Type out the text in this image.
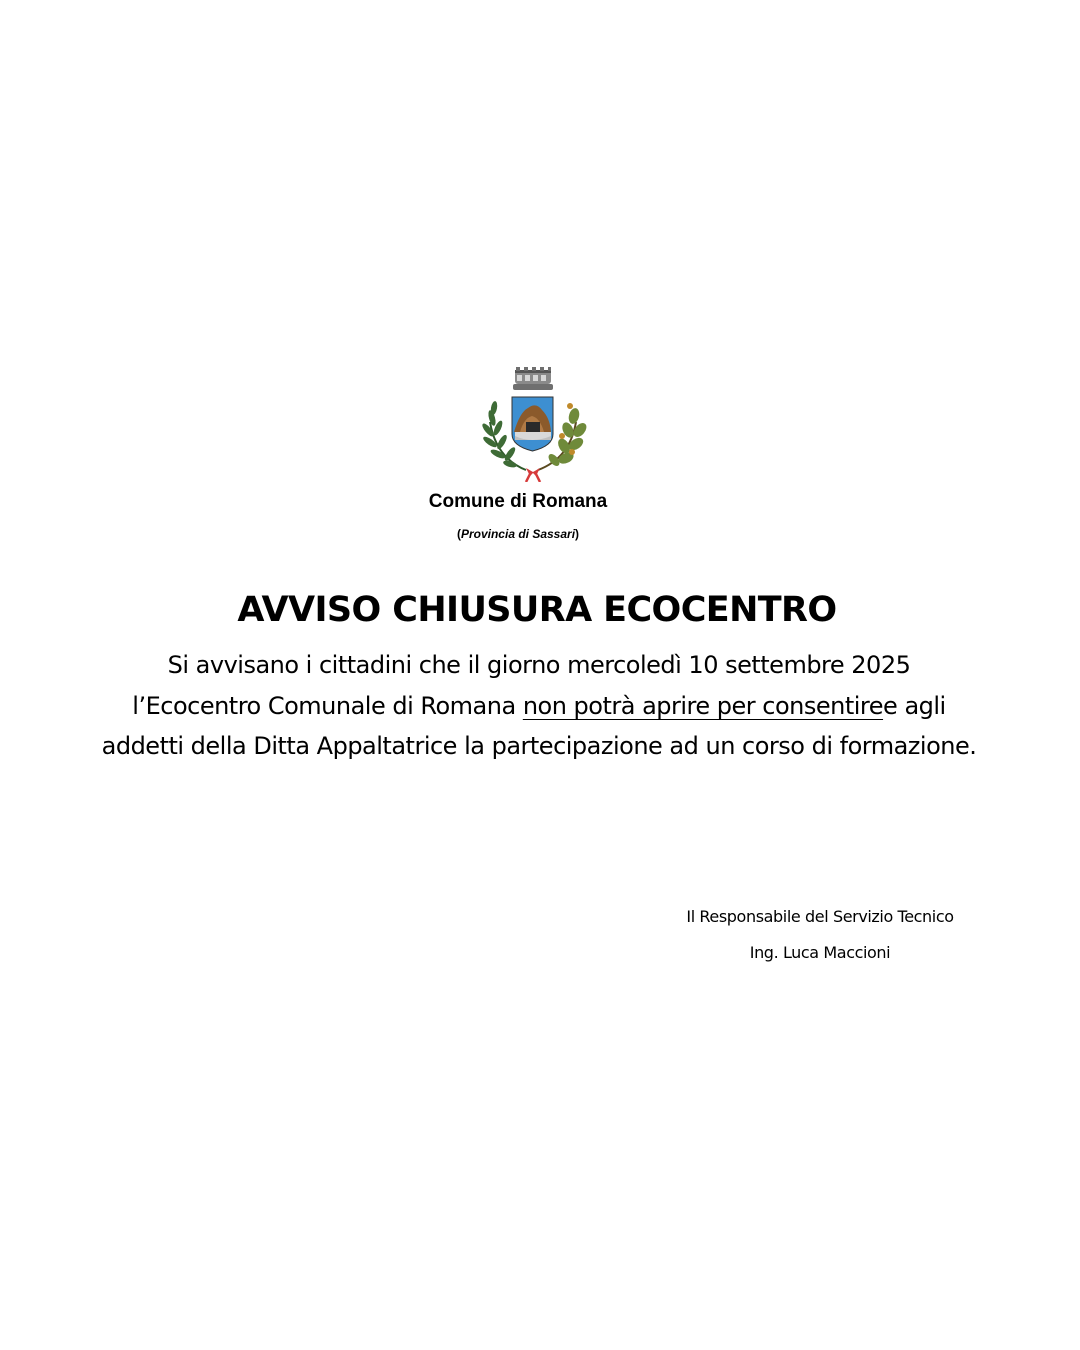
Comune di Romana
(Provincia di Sassari)
AVVISO CHIUSURA ECOCENTRO
Si avvisano i cittadini che il giorno mercoledì 10 settembre 2025
l’Ecocentro Comunale di Romana non potrà aprire per consentiree agli addetti della Ditta Appaltatrice la partecipazione ad un corso di formazione.
Il Responsabile del Servizio Tecnico
Ing. Luca Maccioni
